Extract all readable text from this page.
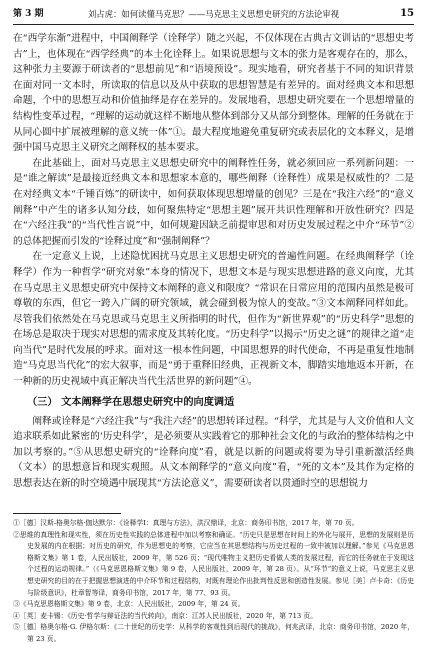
第 3 期	刘占虎：如何读懂马克思？——马克思主义思想史研究的方法论审视	15

在“西学东渐”进程中，中国阐释学（诠释学）随之兴起，不仅体现在古典古文训诂的“思想史考古”上，也体现在“西学经典”的本土化诠释上。如果说思想与文本的张力是客观存在的，那么，这种张力主要源于研读者的“思想前见”和“语境预设”。现实地看，研究者基于不同的知识背景在面对同一文本时，所读取的信息以及从中获取的思想智慧是有差异的。面对经典文本和思想命题，个中的思想互动和价值抽绎是存在差异的。发展地看，思想史研究要在一个思想增量的结构性变革过程，“理解的运动就这样不断地从整体到部分又从部分到整体。理解的任务就在于从同心圆中扩展被理解的意义统一体”①。最大程度地避免重复研究或表层化的文本释义，是增强中国马克思主义研究之阐释权的基本要求。

在此基础上，面对马克思主义思想史研究中的阐释性任务，就必须回应一系列新问题：一是“谁之解读”是最接近经典文本和思想家本意的，哪些阐释（诠释性）成果是权威性的？二是在对经典文本“千锤百炼”的研读中，如何获取体现思想增量的创见？三是在“我注六经”的“意义阐释”中产生的诸多认知分歧，如何聚焦特定“思想主题”展开共识性理解和开放性研究？四是在“六经注我”的“当代性言说”中，如何规避因缺乏前提审思和对历史发展过程之中介“环节”②的总体把握而引发的“诠释过度”和“强制阐释”？

在一定意义上说，上述隐忧困扰马克思主义思想史研究的普遍性问题。在经典阐释学（诠释学）作为一种哲学“研究对象”本身的情况下，思想文本是与现实思想进路的意义向度，尤其在马克思主义思想史研究中保持文本阐释的意义和限度？“常识在日常应用的范围内虽然是极可尊敬的东西，但它一跨入广阔的研究领域，就会碰到极为惊人的变故。”③文本阐释同样如此。尽管我们依然处在马克思或马克思主义所指明的时代，但作为“新世界观”的“历史科学”思想的在场总是取决于现实对思想的需求度及其转化度。“历史科学”以揭示“历史之谜”的规律之道“走向当代”是时代发展的呼求。面对这一根本性问题，中国思想界的时代使命，不再是重复性地制造“马克思当代化”的宏大叙事，而是“勇于重释旧经典，正视新文本，脚踏实地地返本开新，在一种新的历史视域中真正解决当代生活世界的新问题”④。

（三） 文本阐释学在思想史研究中的向度调适

阐释或诠释是“六经注我”与“我注六经”的思想转译过程。“科学，尤其是与人文价值和人文追求联系如此紧密的‘历史科学’，是必须要从实践着它的那种社会文化的与政治的整体结构之中加以考察的。”⑤从思想史研究的“诠释向度”看，就是以新的问题或将要为导引重新激活经典（文本）的思想意旨和现实观照。从文本阐释学的“意义向度”看，“死的文本”及其作为定格的思想表达在新的时空境遇中展现其“方法论意义”，需要研读者以贯通时空的思想锐力

①［德］汉斯-格奥尔格·伽达默尔：《诠释学Ⅰ：真理与方法》，洪汉鼎译，北京：商务印书馆，2017 年，第 70 页。

②思维的真理性和现实性，须在历史性实践的总体进程中加以考察和确证。“历史只是思想在时间上的外化与展开，思想的发展则是历史发展的内在根据；对历史的研究，作为思想史的考察，它应当在其思想结构与历史过程的一致中被加以理解。”参见《马克思恩格斯文集》第 1 卷，人民出版社，2009 年，第 526 页；“现代唯物主义把历史看做人类的发展过程，而它的任务就在于发现这个过程的运动规律。”（《马克思恩格斯文集》第 9 卷，人民出版社，2009 年，第 28 页）。从“环节”的意义上说，马克思主义思想史研究的目的在于把握思想演进的中介环节和过程结构，对既有理论作出批判性反思和创造性发展。参见［美］卢卡奇：《历史与阶级意识》，杜章智等译，商务印书馆，2017 年，第 77、93 页。

③《马克思恩格斯文集》第 9 卷，北京：人民出版社，2009 年，第 24 页。

④［英］麦卡锡：《历史·哲学与辩证法的当代转向》，南京：江苏人民出版社，2020 年，第 713 页。

⑤［德］格奥尔格·G. 伊格尔斯：《二十世纪的历史学：从科学的客观性到后现代的挑战》，何兆武译，北京：商务印书馆，2020 年，第 23 页。
